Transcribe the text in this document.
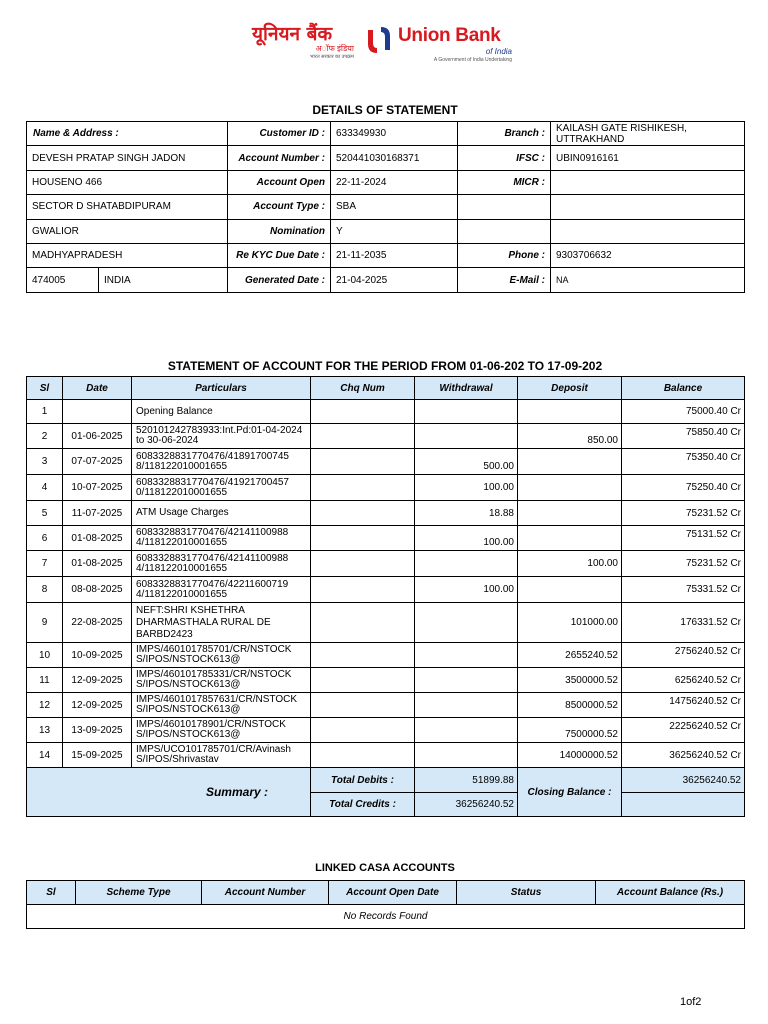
यूनियन बैंक
अॉफ इंडिया
भारत सरकार का उपक्रम
Union Bank
of India
A Government of India Undertaking
DETAILS OF STATEMENT
Name & Address :		Customer ID :	633349930	Branch :	KAILASH GATE RISHIKESH, UTTRAKHAND
DEVESH PRATAP SINGH JADON		Account Number :	520441030168371	IFSC :	UBIN0916161
HOUSENO 466		Account Open	22-11-2024	MICR :	
SECTOR D SHATABDIPURAM		Account Type :	SBA		
GWALIOR		Nomination	Y		
MADHYAPRADESH		Re KYC Due Date :	21-11-2035	Phone :	9303706632
474005	INDIA	Generated Date :	21-04-2025	E-Mail :	NA
STATEMENT OF ACCOUNT FOR THE PERIOD FROM 01-06-202 TO 17-09-202
Sl	Date	Particulars	Chq Num	Withdrawal	Deposit	Balance
1		Opening Balance				75000.40 Cr
2	01-06-2025	520101242783933:Int.Pd:01-04-2024 to 30-06-2024			850.00	75850.40 Cr
3	07-07-2025	6083328831770476/41891700745 8/118122010001655		500.00		75350.40 Cr
4	10-07-2025	6083328831770476/41921700457 0/118122010001655		100.00		75250.40 Cr
5	11-07-2025	ATM Usage Charges		18.88		75231.52 Cr
6	01-08-2025	6083328831770476/42141100988 4/118122010001655		100.00		75131.52 Cr
7	01-08-2025	6083328831770476/42141100988 4/118122010001655			100.00	75231.52 Cr
8	08-08-2025	6083328831770476/42211600719 4/118122010001655		100.00		75331.52 Cr
9	22-08-2025	NEFT:SHRI KSHETHRA DHARMASTHALA RURAL DE BARBD2423			101000.00	176331.52 Cr
10	10-09-2025	IMPS/460101785701/CR/NSTOCK S/IPOS/NSTOCK613@			2655240.52	2756240.52 Cr
11	12-09-2025	IMPS/460101785331/CR/NSTOCK S/IPOS/NSTOCK613@			3500000.52	6256240.52 Cr
12	12-09-2025	IMPS/4601017857631/CR/NSTOCK S/IPOS/NSTOCK613@			8500000.52	14756240.52 Cr
13	13-09-2025	IMPS/46010178901/CR/NSTOCK S/IPOS/NSTOCK613@			7500000.52	22256240.52 Cr
14	15-09-2025	IMPS/UCO101785701/CR/Avinash S/IPOS/Shrivastav			14000000.52	36256240.52 Cr
Summary :			Total Debits :	51899.88	Closing Balance :	36256240.52
			Total Credits :	36256240.52		
LINKED CASA ACCOUNTS
Sl	Scheme Type	Account Number	Account Open Date	Status	Account Balance (Rs.)
No Records Found
1of2
